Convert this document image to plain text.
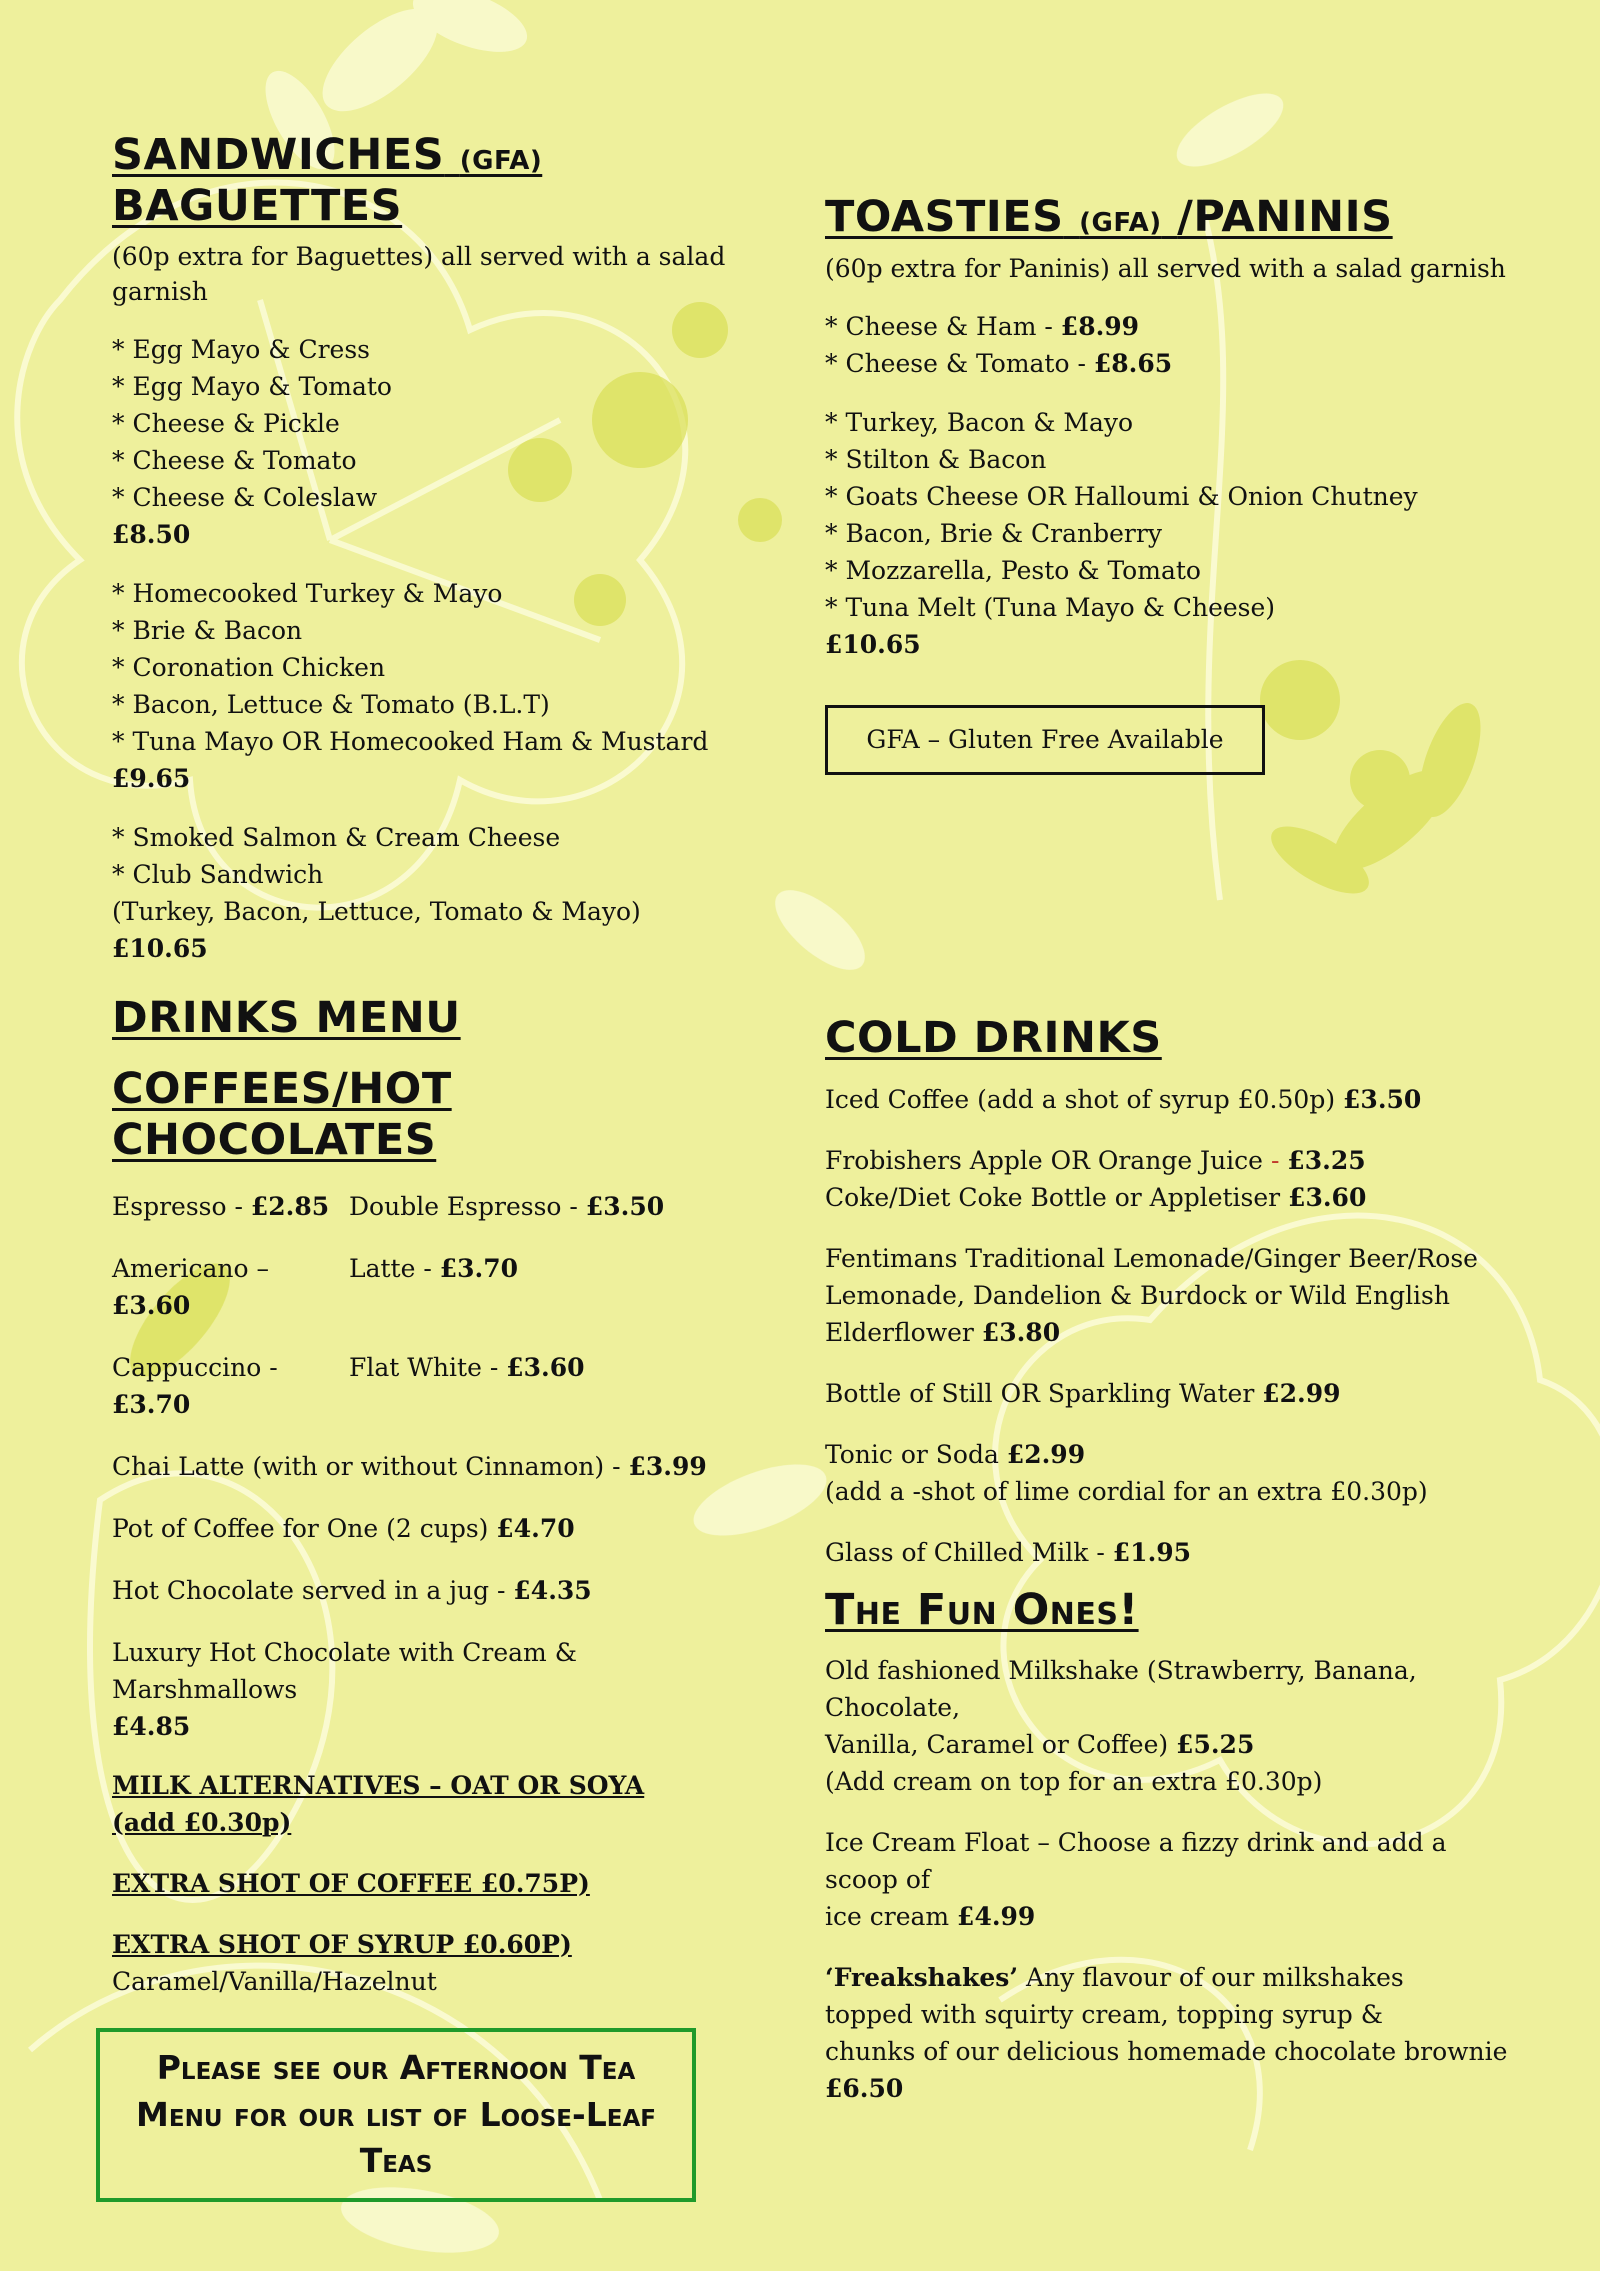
SANDWICHES (GFA)
BAGUETTES
(60p extra for Baguettes) all served with a salad garnish
* Egg Mayo & Cress
* Egg Mayo & Tomato
* Cheese & Pickle
* Cheese & Tomato
* Cheese & Coleslaw
£8.50
* Homecooked Turkey & Mayo
* Brie & Bacon
* Coronation Chicken
* Bacon, Lettuce & Tomato (B.L.T)
* Tuna Mayo OR Homecooked Ham & Mustard
£9.65
* Smoked Salmon & Cream Cheese
* Club Sandwich
(Turkey, Bacon, Lettuce, Tomato & Mayo)
£10.65
DRINKS MENU
COFFEES/HOT CHOCOLATES
Espresso - £2.85 Double Espresso - £3.50
Americano – £3.60
Latte - £3.70
Cappuccino - £3.70
Flat White - £3.60
Chai Latte (with or without Cinnamon) - £3.99
Pot of Coffee for One (2 cups) £4.70
Hot Chocolate served in a jug - £4.35
Luxury Hot Chocolate with Cream & Marshmallows
£4.85
MILK ALTERNATIVES – OAT OR SOYA
(add £0.30p)
EXTRA SHOT OF COFFEE £0.75P)
EXTRA SHOT OF SYRUP £0.60P)
Caramel/Vanilla/Hazelnut
Please see our Afternoon Tea Menu for our list of Loose-Leaf Teas
TOASTIES (GFA) /PANINIS
(60p extra for Paninis) all served with a salad garnish
* Cheese & Ham - £8.99
* Cheese & Tomato - £8.65
* Turkey, Bacon & Mayo
* Stilton & Bacon
* Goats Cheese OR Halloumi & Onion Chutney
* Bacon, Brie & Cranberry
* Mozzarella, Pesto & Tomato
* Tuna Melt (Tuna Mayo & Cheese)
£10.65
GFA – Gluten Free Available
COLD DRINKS
Iced Coffee (add a shot of syrup £0.50p) £3.50
Frobishers Apple OR Orange Juice - £3.25
Coke/Diet Coke Bottle or Appletiser £3.60
Fentimans Traditional Lemonade/Ginger Beer/Rose
Lemonade, Dandelion & Burdock or Wild English
Elderflower £3.80
Bottle of Still OR Sparkling Water £2.99
Tonic or Soda £2.99
(add a -shot of lime cordial for an extra £0.30p)
Glass of Chilled Milk - £1.95
The Fun Ones!
Old fashioned Milkshake (Strawberry, Banana, Chocolate,
Vanilla, Caramel or Coffee) £5.25
(Add cream on top for an extra £0.30p)
Ice Cream Float – Choose a fizzy drink and add a scoop of
ice cream £4.99
‘Freakshakes’ Any flavour of our milkshakes
topped with squirty cream, topping syrup &
chunks of our delicious homemade chocolate brownie
£6.50
